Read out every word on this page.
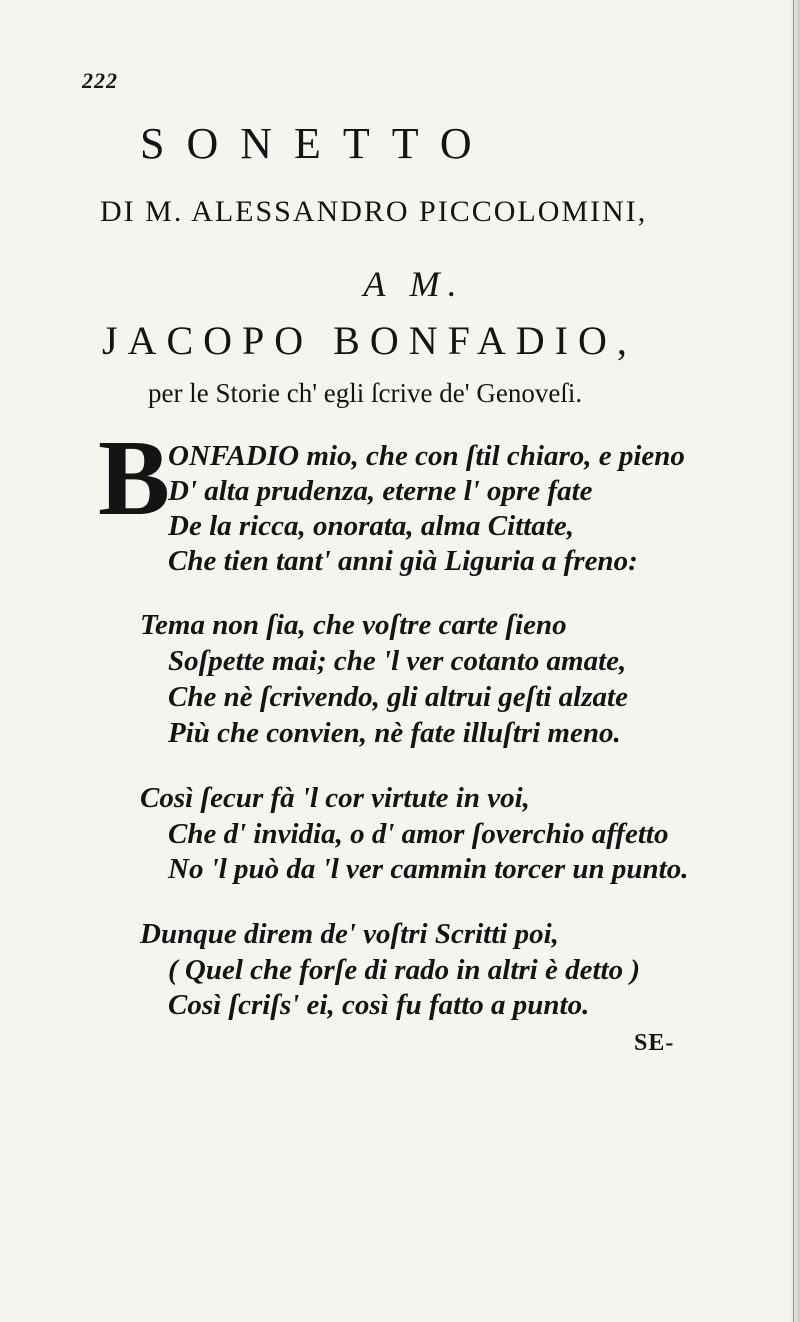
222
SONETTO
DI M. ALESSANDRO PICCOLOMINI,
A M.
JACOPO BONFADIO,
per le Storie ch' egli ſcrive de' Genoveſi.
B
ONFADIO mio, che con ſtil chiaro, e pieno
D' alta prudenza, eterne l' opre fate
De la ricca, onorata, alma Cittate,
Che tien tant' anni già Liguria a freno:
Tema non ſia, che voſtre carte ſieno
Soſpette mai; che 'l ver cotanto amate,
Che nè ſcrivendo, gli altrui geſti alzate
Più che convien, nè fate illuſtri meno.
Così ſecur fà 'l cor virtute in voi,
Che d' invidia, o d' amor ſoverchio affetto
No 'l può da 'l ver cammin torcer un punto.
Dunque direm de' voſtri Scritti poi,
( Quel che forſe di rado in altri è detto )
Così ſcriſs' ei, così fu fatto a punto.
SE-
